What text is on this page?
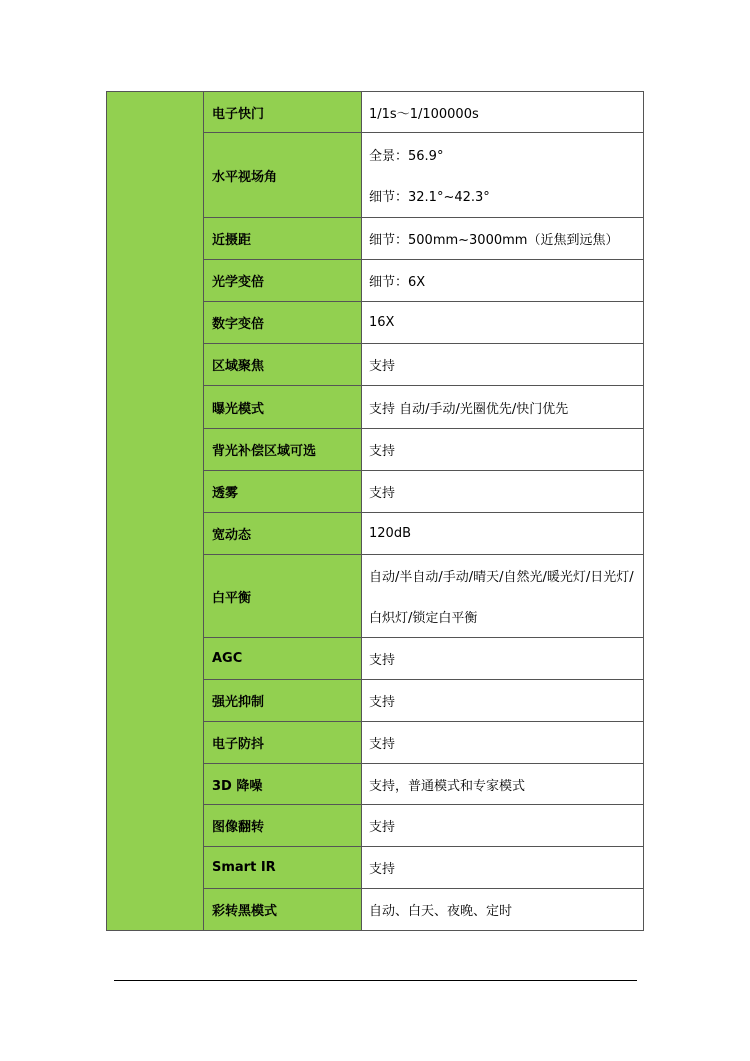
	电子快门	1/1s～1/100000s

	水平视场角	全景：56.9°
细节：32.1°~42.3°

	近摄距	细节：500mm~3000mm（近焦到远焦）

	光学变倍	细节：6X

	数字变倍	16X

	区域聚焦	支持

	曝光模式	支持 自动/手动/光圈优先/快门优先

	背光补偿区域可选	支持

	透雾	支持

	宽动态	120dB

	白平衡	自动/半自动/手动/晴天/自然光/暖光灯/日光灯/
白炽灯/锁定白平衡

	AGC	支持

	强光抑制	支持

	电子防抖	支持

	3D 降噪	支持，普通模式和专家模式

	图像翻转	支持

	Smart IR	支持

	彩转黑模式	自动、白天、夜晚、定时
